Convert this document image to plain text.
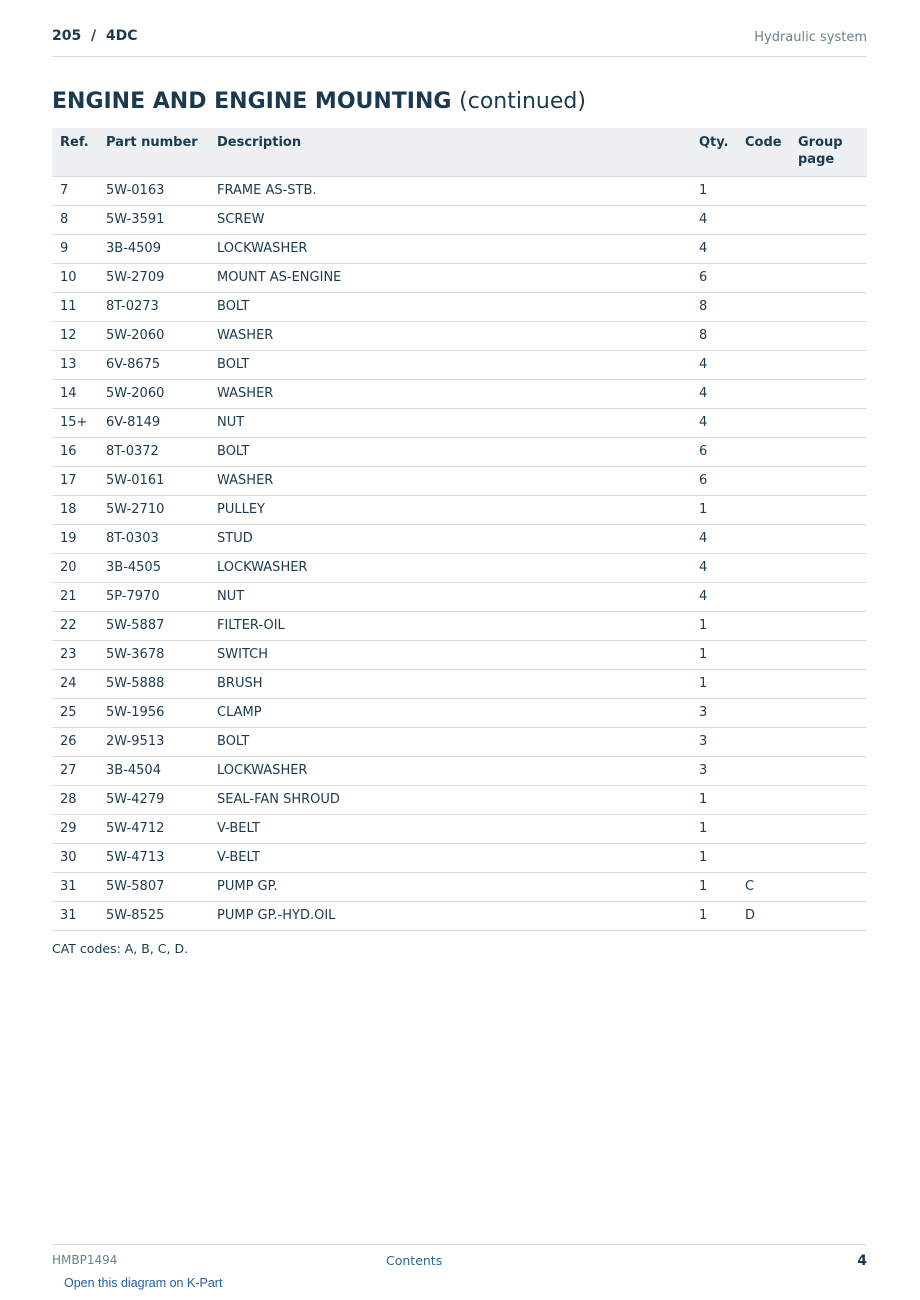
205  /  4DC	Hydraulic system
ENGINE AND ENGINE MOUNTING (continued)
Ref.	Part number	Description	Qty.	Code	Group page
7	5W-0163	FRAME AS-STB.	1		
8	5W-3591	SCREW	4		
9	3B-4509	LOCKWASHER	4		
10	5W-2709	MOUNT AS-ENGINE	6		
11	8T-0273	BOLT	8		
12	5W-2060	WASHER	8		
13	6V-8675	BOLT	4		
14	5W-2060	WASHER	4		
15+	6V-8149	NUT	4		
16	8T-0372	BOLT	6		
17	5W-0161	WASHER	6		
18	5W-2710	PULLEY	1		
19	8T-0303	STUD	4		
20	3B-4505	LOCKWASHER	4		
21	5P-7970	NUT	4		
22	5W-5887	FILTER-OIL	1		
23	5W-3678	SWITCH	1		
24	5W-5888	BRUSH	1		
25	5W-1956	CLAMP	3		
26	2W-9513	BOLT	3		
27	3B-4504	LOCKWASHER	3		
28	5W-4279	SEAL-FAN SHROUD	1		
29	5W-4712	V-BELT	1		
30	5W-4713	V-BELT	1		
31	5W-5807	PUMP GP.	1	C	
31	5W-8525	PUMP GP.-HYD.OIL	1	D	
CAT codes: A, B, C, D.
HMBP1494	Contents	4
Open this diagram on K-Part
